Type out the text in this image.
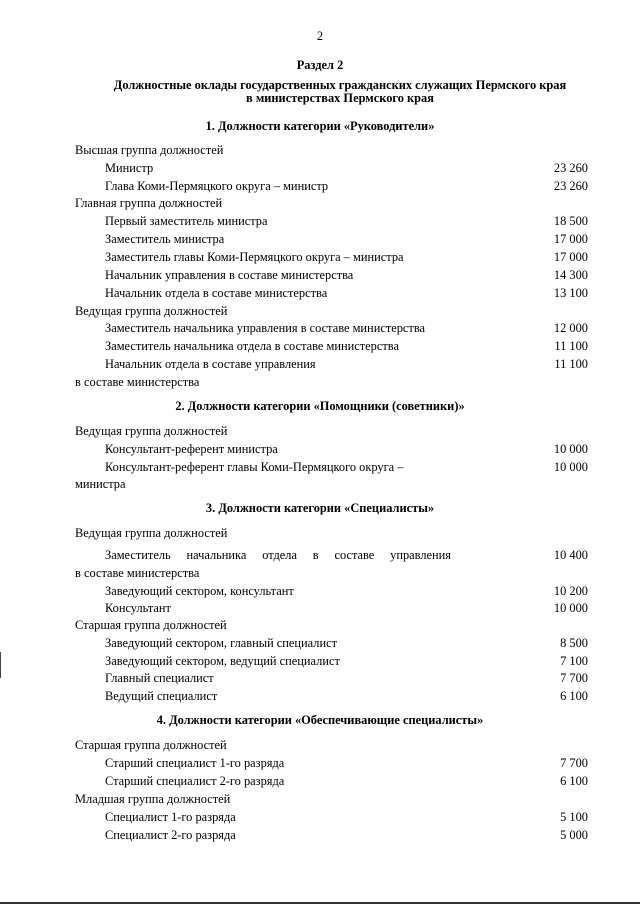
2
Раздел 2
Должностные оклады государственных гражданских служащих Пермского края
в министерствах Пермского края
1. Должности категории «Руководители»
Высшая группа должностей
Министр	23 260
Глава Коми-Пермяцкого округа – министр	23 260
Главная группа должностей
Первый заместитель министра	18 500
Заместитель министра	17 000
Заместитель главы Коми-Пермяцкого округа – министра	17 000
Начальник управления в составе министерства	14 300
Начальник отдела в составе министерства	13 100
Ведущая группа должностей
Заместитель начальника управления в составе министерства	12 000
Заместитель начальника отдела в составе министерства	11 100
Начальник отдела в составе управления	11 100
в составе министерства
2. Должности категории «Помощники (советники)»
Ведущая группа должностей
Консультант-референт министра	10 000
Консультант-референт главы Коми-Пермяцкого округа –	10 000
министра
3. Должности категории «Специалисты»
Ведущая группа должностей
Заместитель начальника отдела в составе управления	10 400
в составе министерства
Заведующий сектором, консультант	10 200
Консультант	10 000
Старшая группа должностей
Заведующий сектором, главный специалист	8 500
Заведующий сектором, ведущий специалист	7 100
Главный специалист	7 700
Ведущий специалист	6 100
4. Должности категории «Обеспечивающие специалисты»
Старшая группа должностей
Старший специалист 1-го разряда	7 700
Старший специалист 2-го разряда	6 100
Младшая группа должностей
Специалист 1-го разряда	5 100
Специалист 2-го разряда	5 000
